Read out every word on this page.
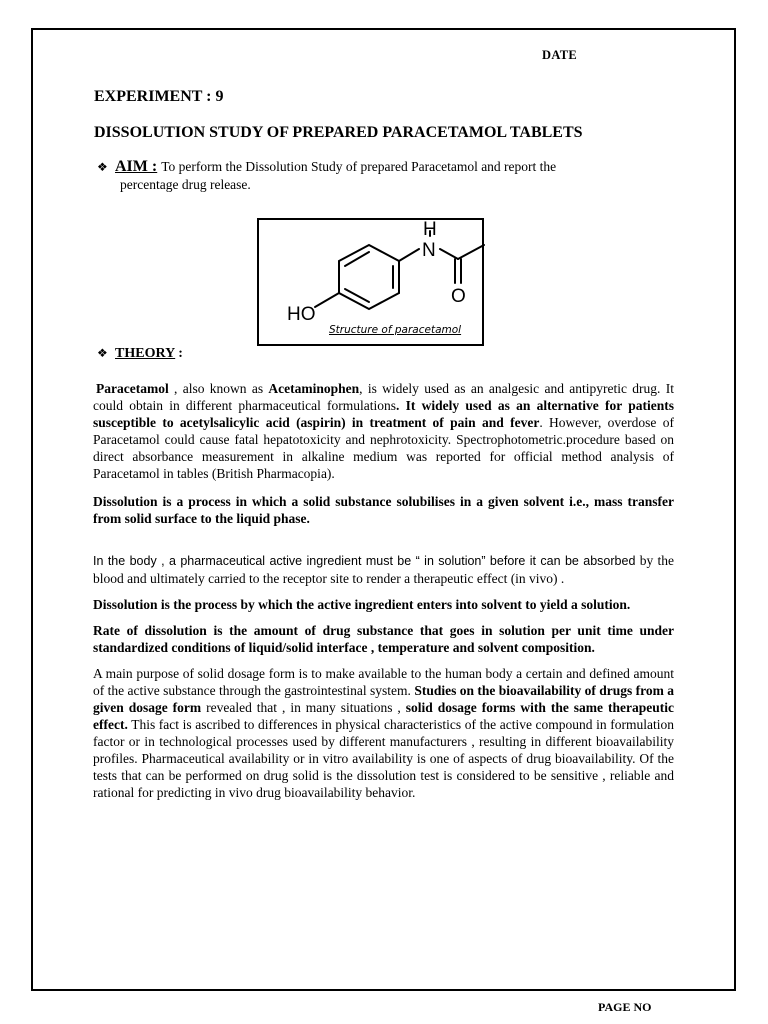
DATE
EXPERIMENT : 9
DISSOLUTION STUDY OF PREPARED PARACETAMOL TABLETS
❖ AIM : To perform the Dissolution Study of prepared Paracetamol and report the
percentage drug release.
H
N
O
HO
Structure of paracetamol
❖ THEORY :

Paracetamol , also known as Acetaminophen, is widely used as an analgesic and antipyretic drug. It could obtain in different pharmaceutical formulations. It widely used as an alternative for patients susceptible to acetylsalicylic acid (aspirin) in treatment of pain and fever. However, overdose of Paracetamol could cause fatal hepatotoxicity and nephrotoxicity. Spectrophotometric.procedure based on direct absorbance measurement in alkaline medium was reported for official method analysis of Paracetamol in tables (British Pharmacopia).

Dissolution is a process in which a solid substance solubilises in a given solvent i.e., mass transfer from solid surface to the liquid phase.

In the body , a pharmaceutical active ingredient must be “ in solution” before it can be absorbed by the blood and ultimately carried to the receptor site to render a therapeutic effect (in vivo) .

Dissolution is the process by which the active ingredient enters into solvent to yield a solution.

Rate of dissolution is the amount of drug substance that goes in solution per unit time under standardized conditions of liquid/solid interface , temperature and solvent composition.

A main purpose of solid dosage form is to make available to the human body a certain and defined amount of the active substance through the gastrointestinal system. Studies on the bioavailability of drugs from a given dosage form revealed that , in many situations , solid dosage forms with the same therapeutic effect. This fact is ascribed to differences in physical characteristics of the active compound in formulation factor or in technological processes used by different manufacturers , resulting in different bioavailability profiles. Pharmaceutical availability or in vitro availability is one of aspects of drug bioavailability. Of the tests that can be performed on drug solid is the dissolution test is considered to be sensitive , reliable and rational for predicting in vivo drug bioavailability behavior.

PAGE NO
